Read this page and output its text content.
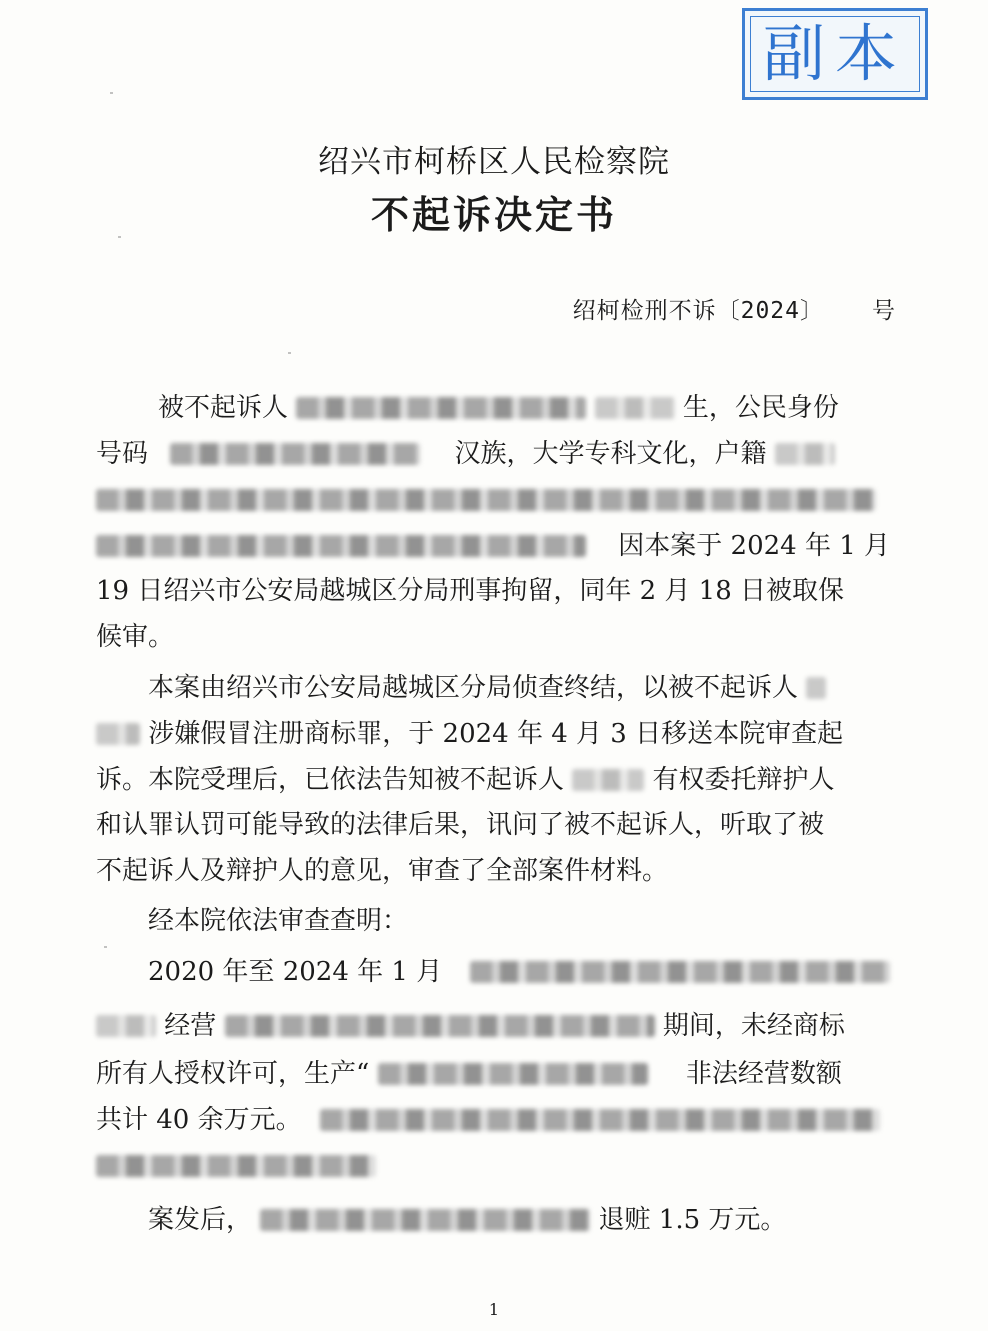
副本
绍兴市柯桥区人民检察院
不起诉决定书
绍柯检刑不诉〔2024〕 号
被不起诉人	生，公民身份
号码	汉族，大学专科文化，户籍
因本案于 2024 年 1 月
19 日绍兴市公安局越城区分局刑事拘留，同年 2 月 18 日被取保
候审。
本案由绍兴市公安局越城区分局侦查终结，以被不起诉人
涉嫌假冒注册商标罪，于 2024 年 4 月 3 日移送本院审查起
诉。本院受理后，已依法告知被不起诉人	有权委托辩护人
和认罪认罚可能导致的法律后果，讯问了被不起诉人，听取了被
不起诉人及辩护人的意见，审查了全部案件材料。
经本院依法审查查明：
2020 年至 2024 年 1 月
经营	期间，未经商标
所有人授权许可，生产“	非法经营数额
共计 40 余万元。
案发后，	退赃 1.5 万元。
1
